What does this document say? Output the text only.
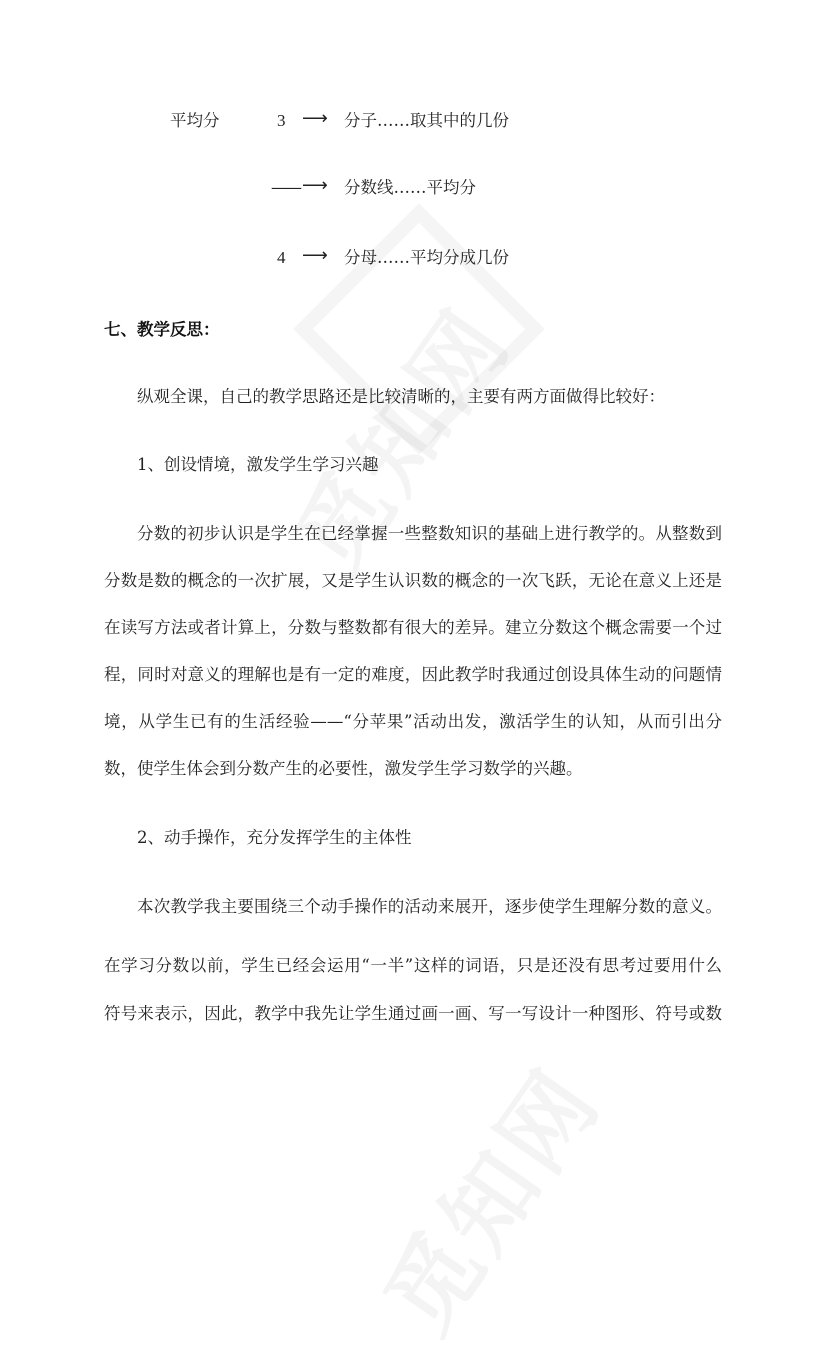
平均分	3 ⟶ 分子……取其中的几份
—— ⟶ 分数线……平均分
4 ⟶ 分母……平均分成几份
七、教学反思：
纵观全课，自己的教学思路还是比较清晰的，主要有两方面做得比较好：
1、创设情境，激发学生学习兴趣
分数的初步认识是学生在已经掌握一些整数知识的基础上进行教学的。从整数到
分数是数的概念的一次扩展，又是学生认识数的概念的一次飞跃，无论在意义上还是
在读写方法或者计算上，分数与整数都有很大的差异。建立分数这个概念需要一个过
程，同时对意义的理解也是有一定的难度，因此教学时我通过创设具体生动的问题情
境，从学生已有的生活经验——“分苹果”活动出发，激活学生的认知，从而引出分
数，使学生体会到分数产生的必要性，激发学生学习数学的兴趣。
2、动手操作，充分发挥学生的主体性
本次教学我主要围绕三个动手操作的活动来展开，逐步使学生理解分数的意义。
在学习分数以前，学生已经会运用“一半”这样的词语，只是还没有思考过要用什么
符号来表示，因此，教学中我先让学生通过画一画、写一写设计一种图形、符号或数
